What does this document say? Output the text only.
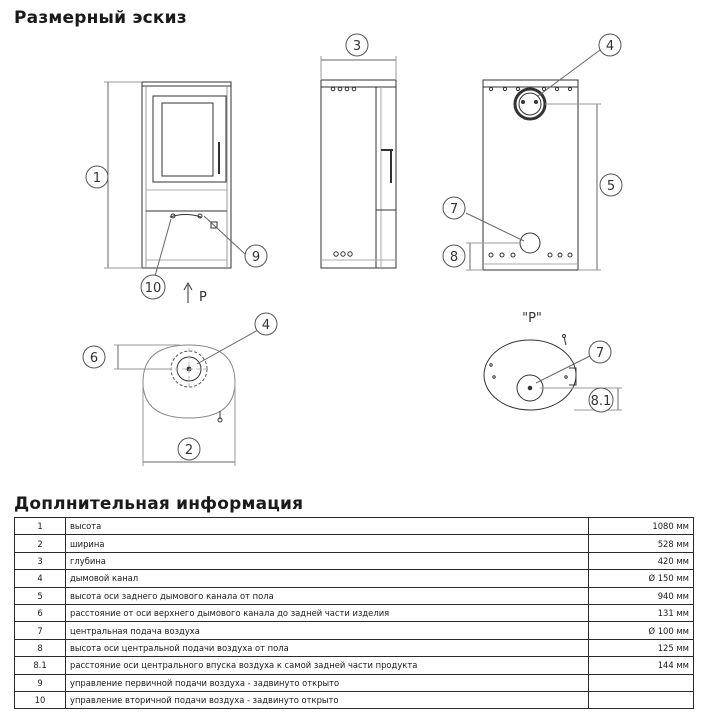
Размерный эскиз
1
2
3	4
4
5
6
7
7
8
8.1
9
10
P
"P"
Доплнительная информация
1	высота	1080 мм
2	ширина	528 мм
3	глубина	420 мм
4	дымовой канал	Ø 150 мм
5	высота оси заднего дымового канала от пола	940 мм
6	расстояние от оси верхнего дымового канала до задней части изделия	131 мм
7	центральная подача воздуха	Ø 100 мм
8	высота оси центральной подачи воздуха от пола	125 мм
8.1	расстояние оси центрального впуска воздуха к самой задней части продукта	144 мм
9	управление первичной подачи воздуха - задвинуто открыто	
10	управление вторичной подачи воздуха - задвинуто открыто	
